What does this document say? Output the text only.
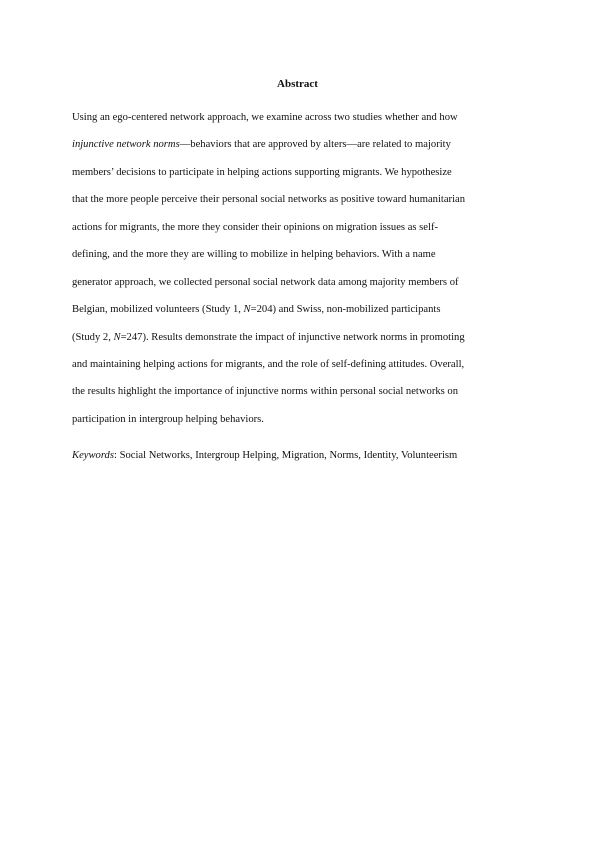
Abstract
Using an ego-centered network approach, we examine across two studies whether and how
injunctive network norms—behaviors that are approved by alters—are related to majority
members’ decisions to participate in helping actions supporting migrants. We hypothesize
that the more people perceive their personal social networks as positive toward humanitarian
actions for migrants, the more they consider their opinions on migration issues as self-
defining, and the more they are willing to mobilize in helping behaviors. With a name
generator approach, we collected personal social network data among majority members of
Belgian, mobilized volunteers (Study 1, N=204) and Swiss, non-mobilized participants
(Study 2, N=247). Results demonstrate the impact of injunctive network norms in promoting
and maintaining helping actions for migrants, and the role of self-defining attitudes. Overall,
the results highlight the importance of injunctive norms within personal social networks on
participation in intergroup helping behaviors.
Keywords: Social Networks, Intergroup Helping, Migration, Norms, Identity, Volunteerism
